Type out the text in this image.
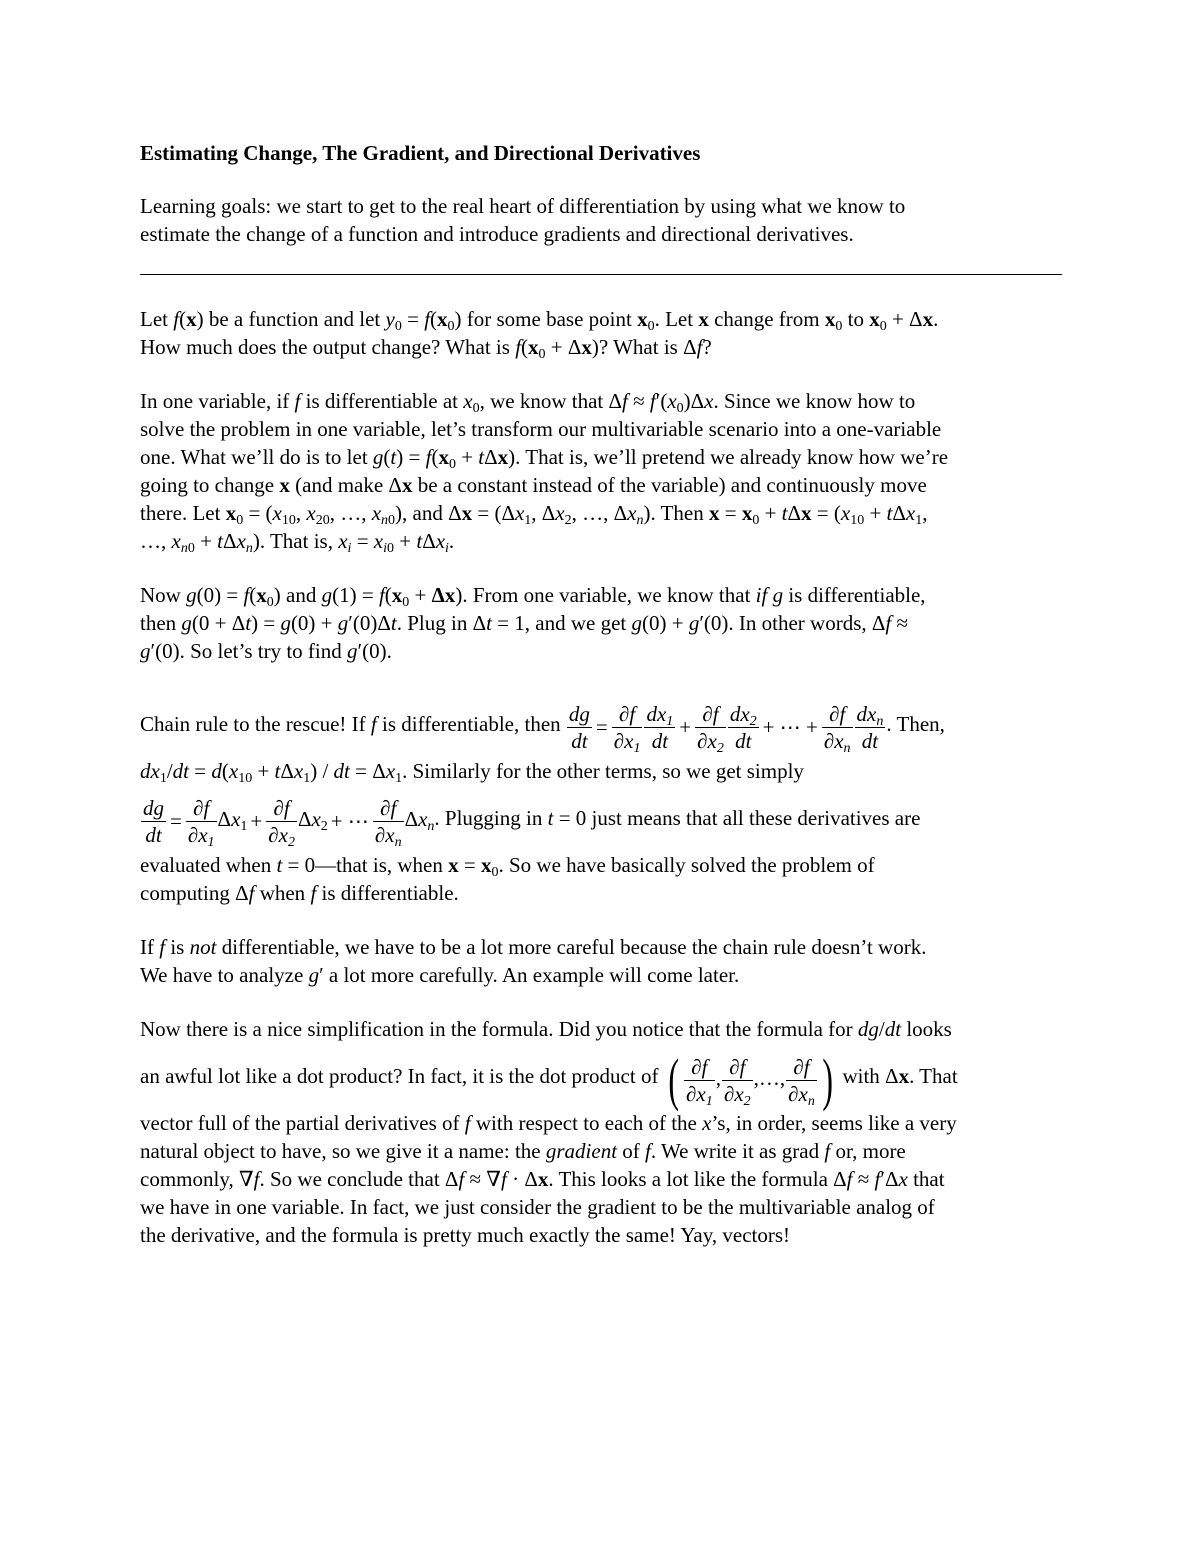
Estimating Change, The Gradient, and Directional Derivatives
Learning goals: we start to get to the real heart of differentiation by using what we know to
estimate the change of a function and introduce gradients and directional derivatives.

Let f(x) be a function and let $y_0 = f(x_0)$ for some base point $x_0$. Let x change from $x_0$ to $x_0 + \Delta x$.
How much does the output change? What is $f(x_0 + \Delta x)$? What is Δf?

In one variable, if f is differentiable at $x_0$, we know that $\Delta f \approx f'(x_0)\Delta x$. Since we know how to
solve the problem in one variable, let’s transform our multivariable scenario into a one-variable
one. What we’ll do is to let $g(t) = f(x_0 + t\Delta x)$. That is, we’ll pretend we already know how we’re
going to change x (and make Δx be a constant instead of the variable) and continuously move
there. Let $x_0 = (x_{10}$, $x_{20}$, …, $x_{n0}$), and $\Delta x = (\Delta x_1$, $\Delta x_2$, …, $\Delta x_n$). Then $x = x_0 + t\Delta x = (x_{10} + t\Delta x_1$,
…, $x_{n0} + t\Delta x_n$). That is, $x_i = x_{i0} + t\Delta x_i$.

Now $g(0) = f(x_0)$ and $g(1) = f(x_0 + \Delta x)$. From one variable, we know that if g is differentiable,
then g(0 + Δt) = g(0) + g′(0)Δt. Plug in Δt = 1, and we get g(0) + g′(0). In other words, Δf ≈
g′(0). So let’s try to find g′(0).

Chain rule to the rescue! If f is differentiable, then $\frac{dg}{dt} = \frac{\partial f}{\partial x_1} \frac{dx_1}{dt} + \frac{\partial f}{\partial x_2} \frac{dx_2}{dt}$ + ⋯ + $\frac{\partial f}{\partial x_n} dx_n$
dt
. Then,
$dx_1/dt = d(x_{10} + t\Delta x_1)$ / dt = $\Delta x_1$. Similarly for the other terms, so we get simply
$\frac{dg}{dt} = \frac{\partial f}{\partial x_1} \Delta x_1 + \frac{\partial f}{\partial x_2} \Delta x_2$ + ⋯ $\frac{\partial f}{\partial x_n} \Delta x_n$. Plugging in t = 0 just means that all these derivatives are
evaluated when t = 0—that is, when $x = x_0$. So we have basically solved the problem of
computing Δf when f is differentiable.

If f is not differentiable, we have to be a lot more careful because the chain rule doesn’t work.
We have to analyze g′ a lot more carefully. An example will come later.

Now there is a nice simplification in the formula. Did you notice that the formula for dg/dt looks
an awful lot like a dot product? In fact, it is the dot product of ( $\frac{\partial f}{\partial x_1}$ , $\frac{\partial f}{\partial x_2}$ ,…, $\frac{\partial f}{\partial x_n}$ ) with Δx. That
vector full of the partial derivatives of f with respect to each of the x’s, in order, seems like a very
natural object to have, so we give it a name: the gradient of f. We write it as grad f or, more
commonly, ∇f. So we conclude that Δf ≈ ∇f · Δx. This looks a lot like the formula Δf ≈ f′Δx that
we have in one variable. In fact, we just consider the gradient to be the multivariable analog of
the derivative, and the formula is pretty much exactly the same! Yay, vectors!
